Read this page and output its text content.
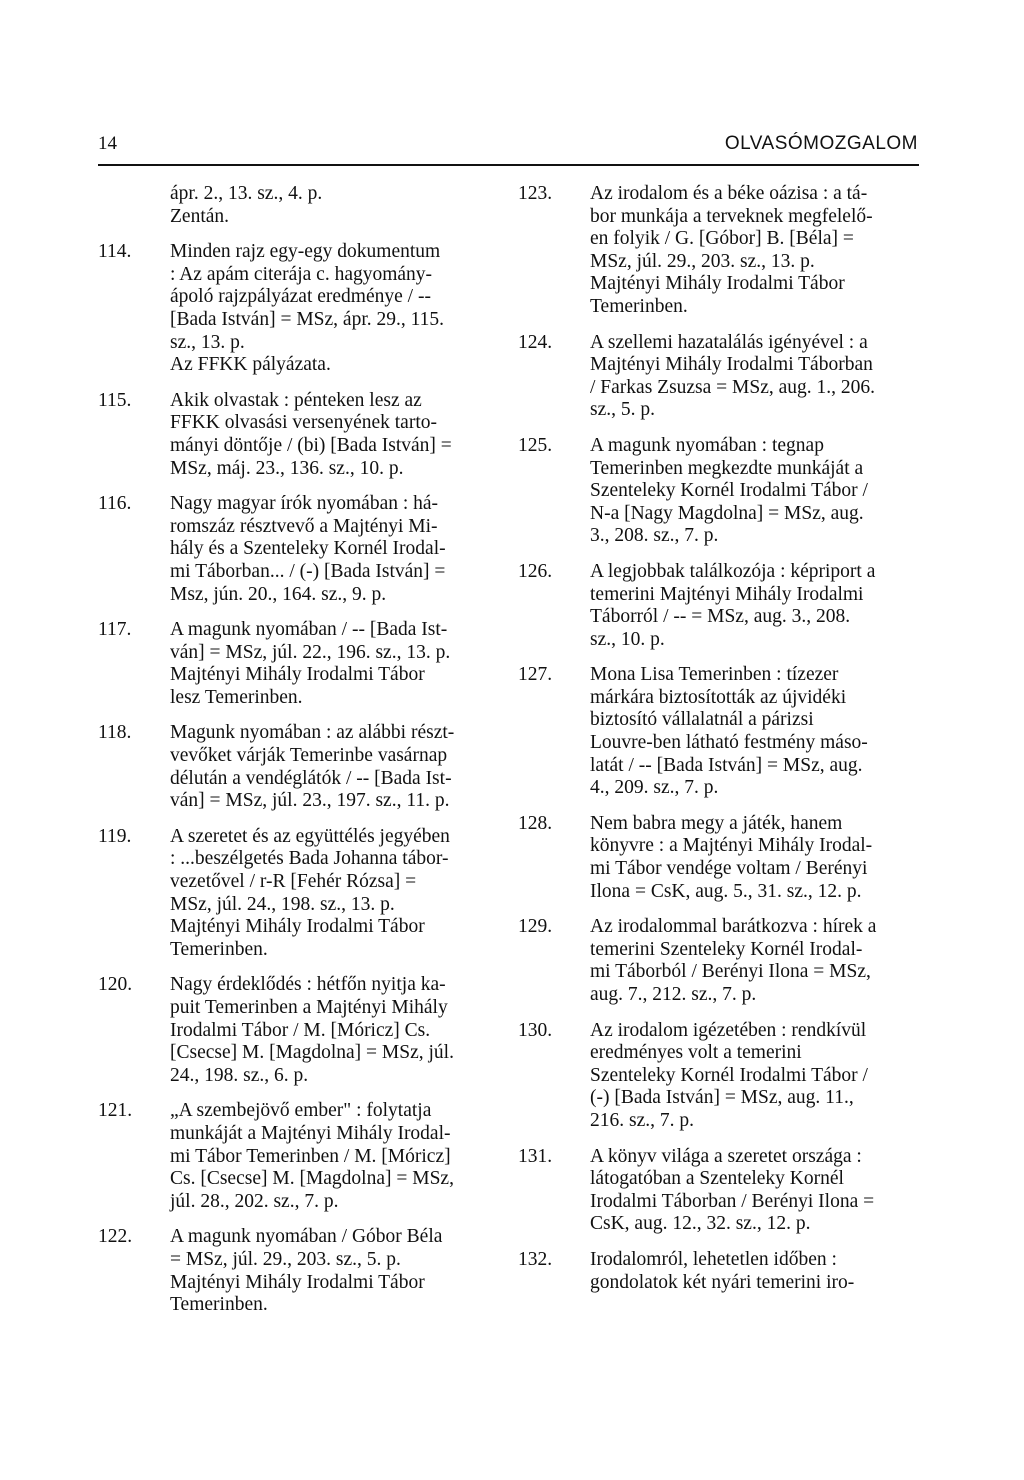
14	OLVASÓMOZGALOM
ápr. 2., 13. sz., 4. p.
Zentán.
114.	Minden rajz egy-egy dokumentum
: Az apám citerája c. hagyomány-
ápoló rajzpályázat eredménye / --
[Bada István] = MSz, ápr. 29., 115.
sz., 13. p.
Az FFKK pályázata.
115.	Akik olvastak : pénteken lesz az
FFKK olvasási versenyének tarto-
mányi döntője / (bi) [Bada István] =
MSz, máj. 23., 136. sz., 10. p.
116.	Nagy magyar írók nyomában : há-
romszáz résztvevő a Majtényi Mi-
hály és a Szenteleky Kornél Irodal-
mi Táborban... / (-) [Bada István] =
Msz, jún. 20., 164. sz., 9. p.
117.	A magunk nyomában / -- [Bada Ist-
ván] = MSz, júl. 22., 196. sz., 13. p.
Majtényi Mihály Irodalmi Tábor
lesz Temerinben.
118.	Magunk nyomában : az alábbi részt-
vevőket várják Temerinbe vasárnap
délután a vendéglátók / -- [Bada Ist-
ván] = MSz, júl. 23., 197. sz., 11. p.
119.	A szeretet és az együttélés jegyében
: ...beszélgetés Bada Johanna tábor-
vezetővel / r-R [Fehér Rózsa] =
MSz, júl. 24., 198. sz., 13. p.
Majtényi Mihály Irodalmi Tábor
Temerinben.
120.	Nagy érdeklődés : hétfőn nyitja ka-
puit Temerinben a Majtényi Mihály
Irodalmi Tábor / M. [Móricz] Cs.
[Csecse] M. [Magdolna] = MSz, júl.
24., 198. sz., 6. p.
121.	„A szembejövő ember" : folytatja
munkáját a Majtényi Mihály Irodal-
mi Tábor Temerinben / M. [Móricz]
Cs. [Csecse] M. [Magdolna] = MSz,
júl. 28., 202. sz., 7. p.
122.	A magunk nyomában / Góbor Béla
= MSz, júl. 29., 203. sz., 5. p.
Majtényi Mihály Irodalmi Tábor
Temerinben.
123.	Az irodalom és a béke oázisa : a tá-
bor munkája a terveknek megfelelő-
en folyik / G. [Góbor] B. [Béla] =
MSz, júl. 29., 203. sz., 13. p.
Majtényi Mihály Irodalmi Tábor
Temerinben.
124.	A szellemi hazatalálás igényével : a
Majtényi Mihály Irodalmi Táborban
/ Farkas Zsuzsa = MSz, aug. 1., 206.
sz., 5. p.
125.	A magunk nyomában : tegnap
Temerinben megkezdte munkáját a
Szenteleky Kornél Irodalmi Tábor /
N-a [Nagy Magdolna] = MSz, aug.
3., 208. sz., 7. p.
126.	A legjobbak találkozója : képriport a
temerini Majtényi Mihály Irodalmi
Táborról / -- = MSz, aug. 3., 208.
sz., 10. p.
127.	Mona Lisa Temerinben : tízezer
márkára biztosították az újvidéki
biztosító vállalatnál a párizsi
Louvre-ben látható festmény máso-
latát / -- [Bada István] = MSz, aug.
4., 209. sz., 7. p.
128.	Nem babra megy a játék, hanem
könyvre : a Majtényi Mihály Irodal-
mi Tábor vendége voltam / Berényi
Ilona = CsK, aug. 5., 31. sz., 12. p.
129.	Az irodalommal barátkozva : hírek a
temerini Szenteleky Kornél Irodal-
mi Táborból / Berényi Ilona = MSz,
aug. 7., 212. sz., 7. p.
130.	Az irodalom igézetében : rendkívül
eredményes volt a temerini
Szenteleky Kornél Irodalmi Tábor /
(-) [Bada István] = MSz, aug. 11.,
216. sz., 7. p.
131.	A könyv világa a szeretet országa :
látogatóban a Szenteleky Kornél
Irodalmi Táborban / Berényi Ilona =
CsK, aug. 12., 32. sz., 12. p.
132.	Irodalomról, lehetetlen időben :
gondolatok két nyári temerini iro-
